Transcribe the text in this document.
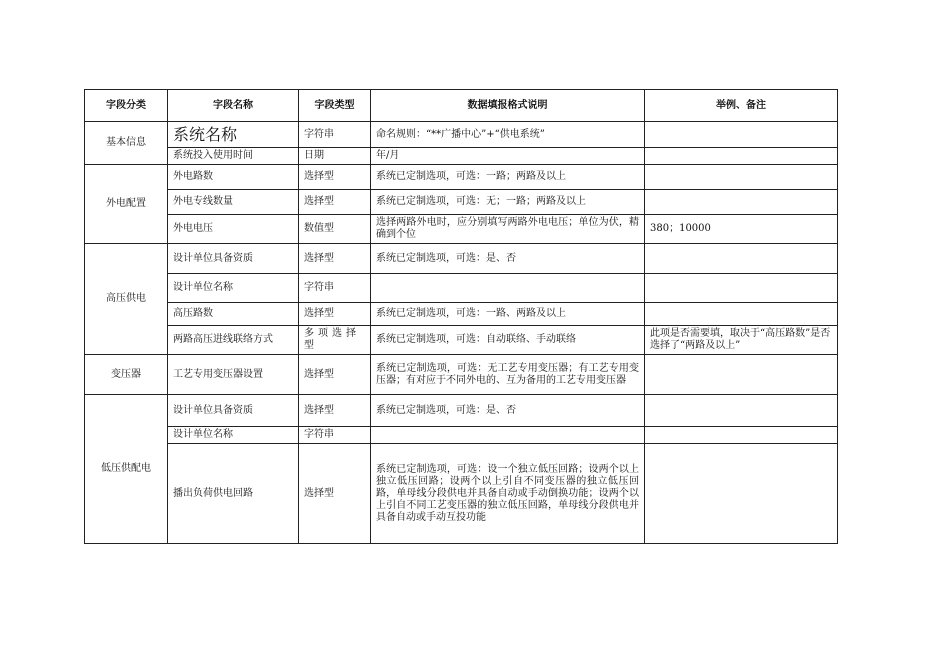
字段分类	字段名称	字段类型	数据填报格式说明	举例、备注
基本信息	系统名称	字符串	命名规则：“**广播中心”+“供电系统”	
	系统投入使用时间	日期	年/月	
外电配置	外电路数	选择型	系统已定制选项，可选：一路；两路及以上	
	外电专线数量	选择型	系统已定制选项，可选：无；一路；两路及以上	
	外电电压	数值型	选择两路外电时，应分别填写两路外电电压；单位为伏，精确到个位	380；10000
高压供电	设计单位具备资质	选择型	系统已定制选项，可选：是、否	
	设计单位名称	字符串		
	高压路数	选择型	系统已定制选项，可选：一路、两路及以上	
	两路高压进线联络方式	多项选择型	系统已定制选项，可选：自动联络、手动联络	此项是否需要填，取决于“高压路数”是否选择了“两路及以上”
变压器	工艺专用变压器设置	选择型	系统已定制选项，可选：无工艺专用变压器；有工艺专用变压器；有对应于不同外电的、互为备用的工艺专用变压器	
低压供配电	设计单位具备资质	选择型	系统已定制选项，可选：是、否	
	设计单位名称	字符串		
	播出负荷供电回路	选择型	系统已定制选项，可选：设一个独立低压回路；设两个以上独立低压回路；设两个以上引自不同变压器的独立低压回路，单母线分段供电并具备自动或手动倒换功能；设两个以上引自不同工艺变压器的独立低压回路，单母线分段供电并具备自动或手动互投功能	
